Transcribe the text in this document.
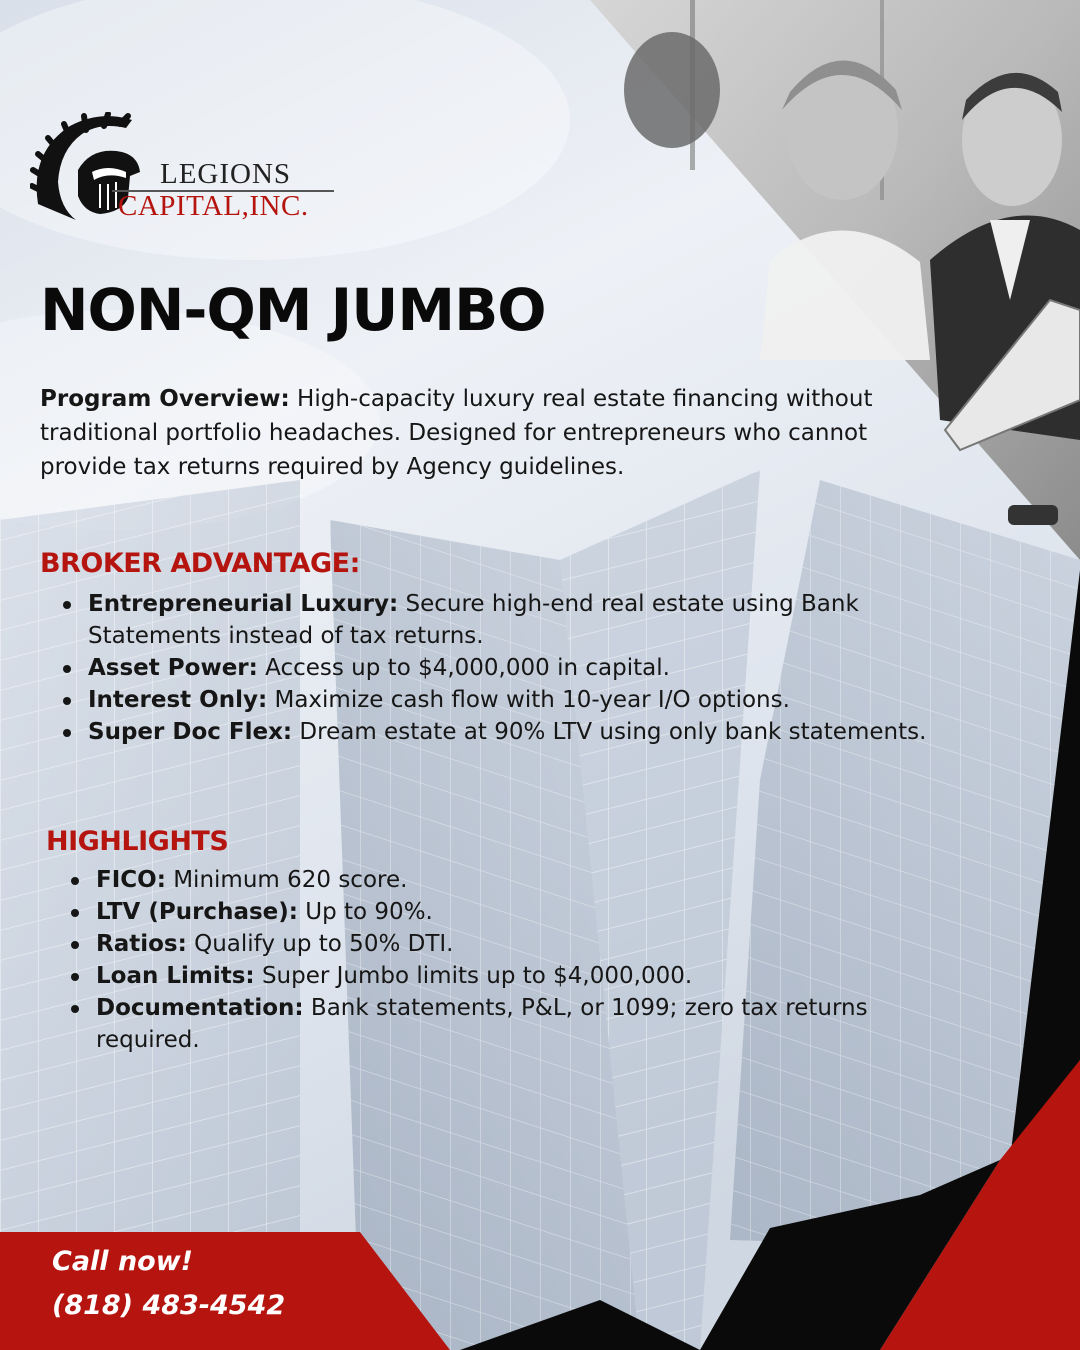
LEGIONS
CAPITAL,INC.
NON-QM JUMBO

Program Overview: High-capacity luxury real estate financing without traditional portfolio headaches. Designed for entrepreneurs who cannot provide tax returns required by Agency guidelines.

BROKER ADVANTAGE:
Entrepreneurial Luxury: Secure high-end real estate using Bank Statements instead of tax returns.
Asset Power: Access up to $4,000,000 in capital.
Interest Only: Maximize cash flow with 10-year I/O options.
Super Doc Flex: Dream estate at 90% LTV using only bank statements.
HIGHLIGHTS
FICO: Minimum 620 score.
LTV (Purchase): Up to 90%.
Ratios: Qualify up to 50% DTI.
Loan Limits: Super Jumbo limits up to $4,000,000.
Documentation: Bank statements, P&L, or 1099; zero tax returns required.
Call now!
(818) 483-4542
